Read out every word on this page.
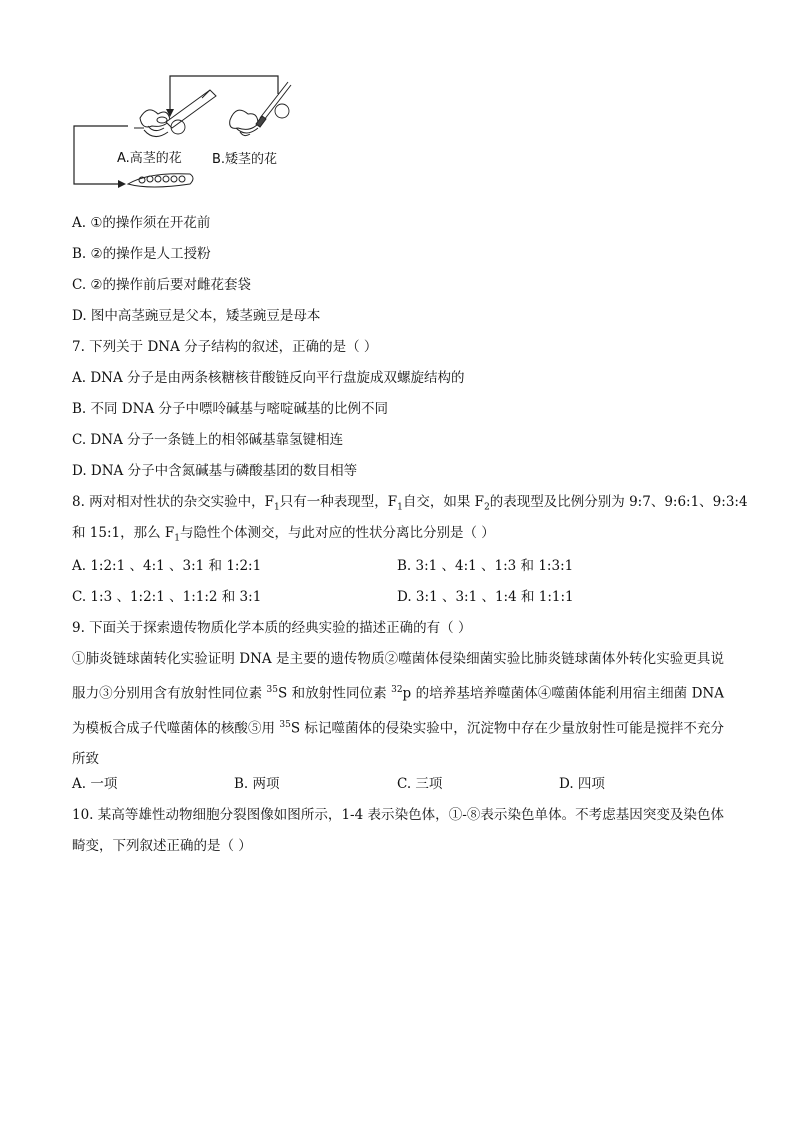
A.高茎的花 B.矮茎的花
A. ①的操作须在开花前
B. ②的操作是人工授粉
C. ②的操作前后要对雌花套袋
D. 图中高茎豌豆是父本，矮茎豌豆是母本
7. 下列关于 DNA 分子结构的叙述，正确的是（ ）
A. DNA 分子是由两条核糖核苷酸链反向平行盘旋成双螺旋结构的
B. 不同 DNA 分子中嘌呤碱基与嘧啶碱基的比例不同
C. DNA 分子一条链上的相邻碱基靠氢键相连
D. DNA 分子中含氮碱基与磷酸基团的数目相等
8. 两对相对性状的杂交实验中，$F_1$只有一种表现型，$F_1$自交，如果 $F_2$的表现型及比例分别为 9:7、9:6:1、9:3:4
和 15:1，那么 $F_1$与隐性个体测交，与此对应的性状分离比分别是（ ）
A. 1:2:1 、4:1 、3:1 和 1:2:1	B. 3:1 、4:1 、1:3 和 1:3:1
C. 1:3 、1:2:1 、1:1:2 和 3:1	D. 3:1 、3:1 、1:4 和 1:1:1
9. 下面关于探索遗传物质化学本质的经典实验的描述正确的有（ ）
①肺炎链球菌转化实验证明 DNA 是主要的遗传物质②噬菌体侵染细菌实验比肺炎链球菌体外转化实验更具说服力③分别用含有放射性同位素 $^{35}$S 和放射性同位素 $^{32}$p 的培养基培养噬菌体④噬菌体能利用宿主细菌 DNA 为模板合成子代噬菌体的核酸⑤用 $^{35}$S 标记噬菌体的侵染实验中，沉淀物中存在少量放射性可能是搅拌不充分所致
A. 一项	B. 两项	C. 三项	D. 四项
10. 某高等雄性动物细胞分裂图像如图所示，1-4 表示染色体，①-⑧表示染色单体。不考虑基因突变及染色体畸变，下列叙述正确的是（ ）
